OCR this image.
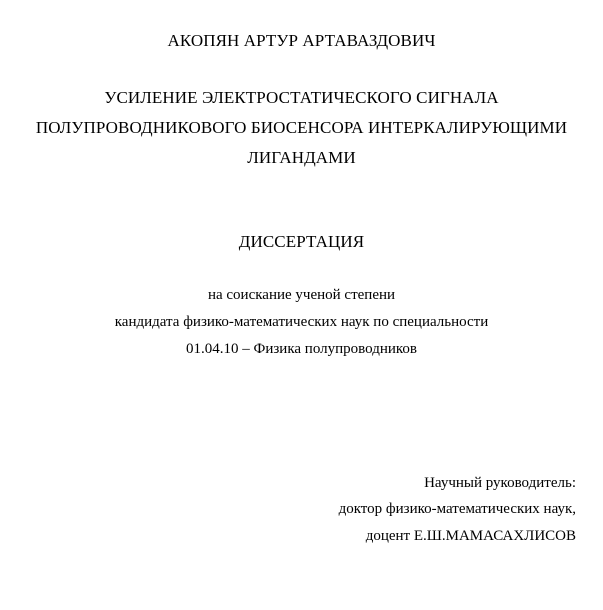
АКОПЯН АРТУР АРТАВАЗДОВИЧ
УСИЛЕНИЕ ЭЛЕКТРОСТАТИЧЕСКОГО СИГНАЛА
ПОЛУПРОВОДНИКОВОГО БИОСЕНСОРА ИНТЕРКАЛИРУЮЩИМИ
ЛИГАНДАМИ
ДИССЕРТАЦИЯ
на соискание ученой степени
кандидата физико-математических наук по специальности
01.04.10 – Физика полупроводников
Научный руководитель:
доктор физико-математических наук,
доцент Е.Ш.МАМАСАХЛИСОВ
